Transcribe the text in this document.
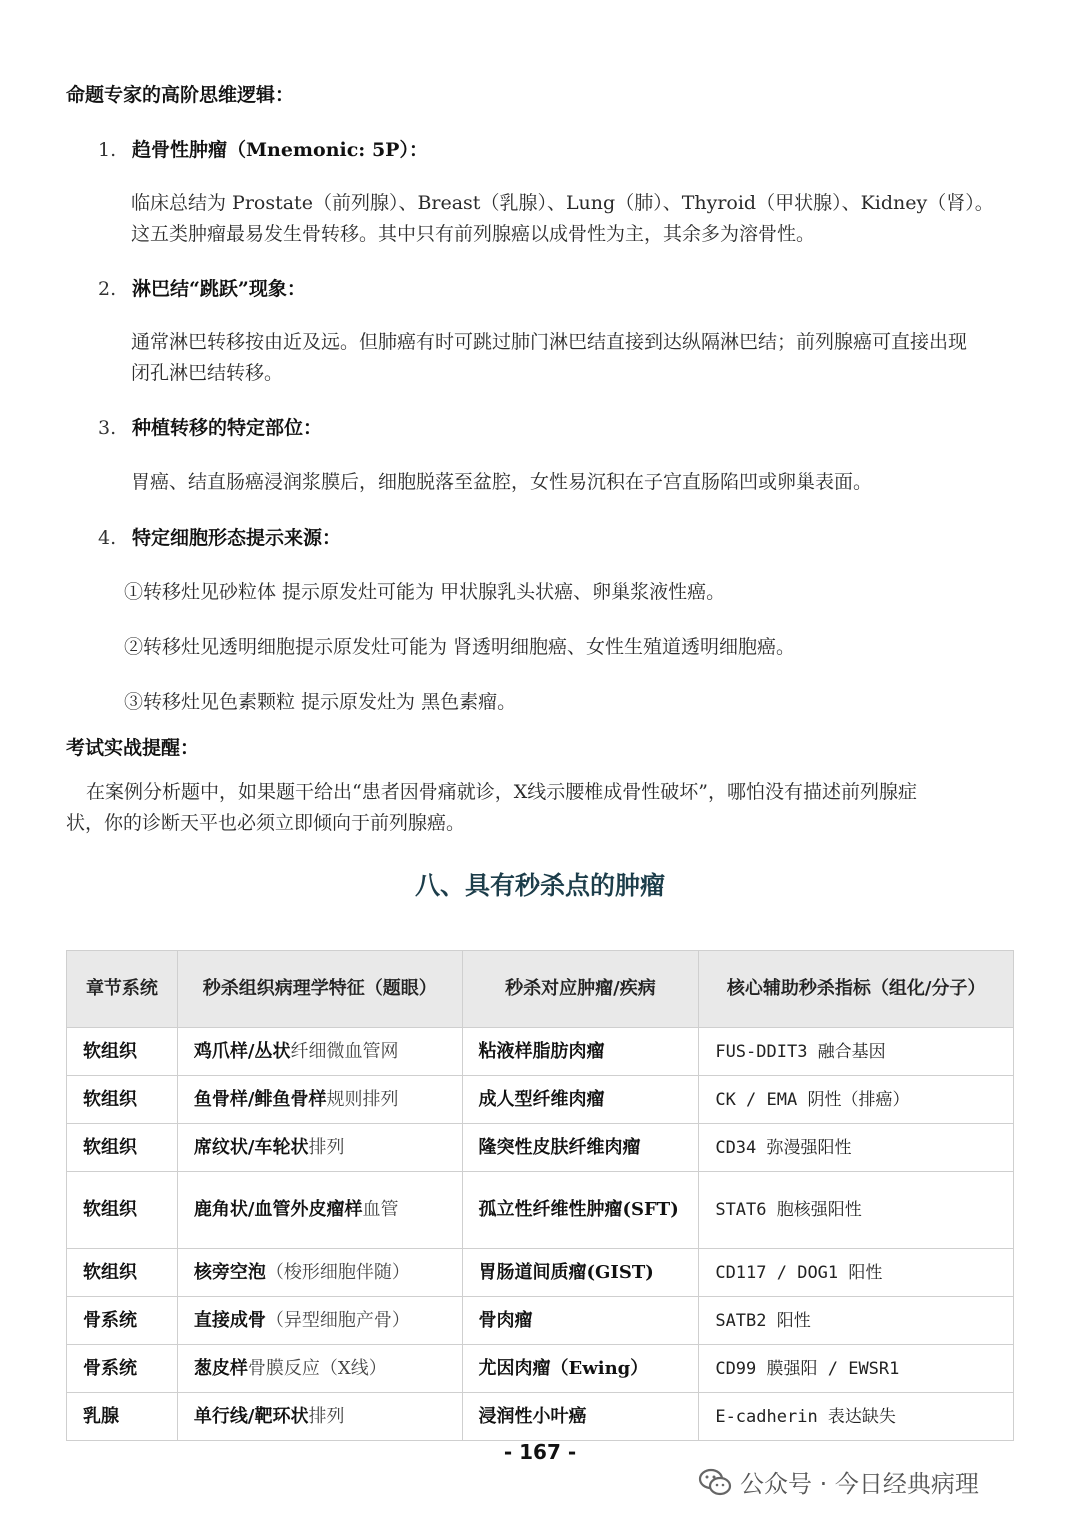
命题专家的高阶思维逻辑：
1. 趋骨性肿瘤（Mnemonic: 5P）：
临床总结为 Prostate（前列腺）、Breast（乳腺）、Lung（肺）、Thyroid（甲状腺）、Kidney（肾）。
这五类肿瘤最易发生骨转移。其中只有前列腺癌以成骨性为主，其余多为溶骨性。
2. 淋巴结“跳跃”现象：
通常淋巴转移按由近及远。但肺癌有时可跳过肺门淋巴结直接到达纵隔淋巴结；前列腺癌可直接出现
闭孔淋巴结转移。
3. 种植转移的特定部位：
胃癌、结直肠癌浸润浆膜后，细胞脱落至盆腔，女性易沉积在子宫直肠陷凹或卵巢表面。
4. 特定细胞形态提示来源：
①转移灶见砂粒体 提示原发灶可能为 甲状腺乳头状癌、卵巢浆液性癌。
②转移灶见透明细胞提示原发灶可能为 肾透明细胞癌、女性生殖道透明细胞癌。
③转移灶见色素颗粒 提示原发灶为 黑色素瘤。
考试实战提醒：
在案例分析题中，如果题干给出“患者因骨痛就诊，X线示腰椎成骨性破坏”，哪怕没有描述前列腺症
状，你的诊断天平也必须立即倾向于前列腺癌。
八、具有秒杀点的肿瘤
章节系统	秒杀组织病理学特征（题眼）	秒杀对应肿瘤/疾病	核心辅助秒杀指标（组化/分子）
软组织	鸡爪样/丛状纤细微血管网	粘液样脂肪肉瘤	FUS-DDIT3 融合基因
软组织	鱼骨样/鲱鱼骨样规则排列	成人型纤维肉瘤	CK / EMA 阴性（排癌）
软组织	席纹状/车轮状排列	隆突性皮肤纤维肉瘤	CD34 弥漫强阳性
软组织	鹿角状/血管外皮瘤样血管	孤立性纤维性肿瘤(SFT)	STAT6 胞核强阳性
软组织	核旁空泡（梭形细胞伴随）	胃肠道间质瘤(GIST)	CD117 / DOG1 阳性
骨系统	直接成骨（异型细胞产骨）	骨肉瘤	SATB2 阳性
骨系统	葱皮样骨膜反应（X线）	尤因肉瘤（Ewing）	CD99 膜强阳 / EWSR1
乳腺	单行线/靶环状排列	浸润性小叶癌	E-cadherin 表达缺失
- 167 -
公众号 · 今日经典病理
